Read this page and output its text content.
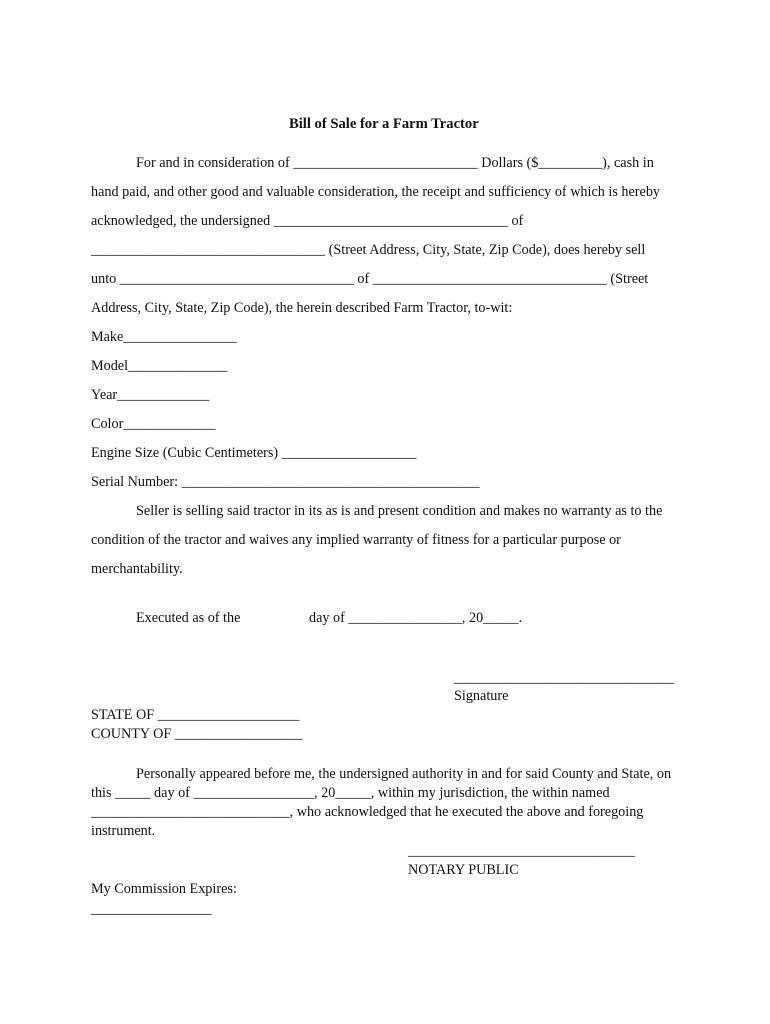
Bill of Sale for a Farm Tractor
For and in consideration of __________________________ Dollars ($_________), cash in
hand paid, and other good and valuable consideration, the receipt and sufficiency of which is hereby
acknowledged, the undersigned _________________________________ of
_________________________________ (Street Address, City, State, Zip Code), does hereby sell
unto _________________________________ of _________________________________ (Street
Address, City, State, Zip Code), the herein described Farm Tractor, to-wit:
Make________________
Model______________
Year_____________
Color_____________
Engine Size (Cubic Centimeters) ___________________
Serial Number: __________________________________________
Seller is selling said tractor in its as is and present condition and makes no warranty as to the
condition of the tractor and waives any implied warranty of fitness for a particular purpose or
merchantability.
Executed as of the	day of ________________, 20_____.
_______________________________
Signature
STATE OF ____________________
COUNTY OF __________________
Personally appeared before me, the undersigned authority in and for said County and State, on
this _____ day of _________________, 20_____, within my jurisdiction, the within named
____________________________, who acknowledged that he executed the above and foregoing
instrument.
________________________________
NOTARY PUBLIC
My Commission Expires:
_________________
